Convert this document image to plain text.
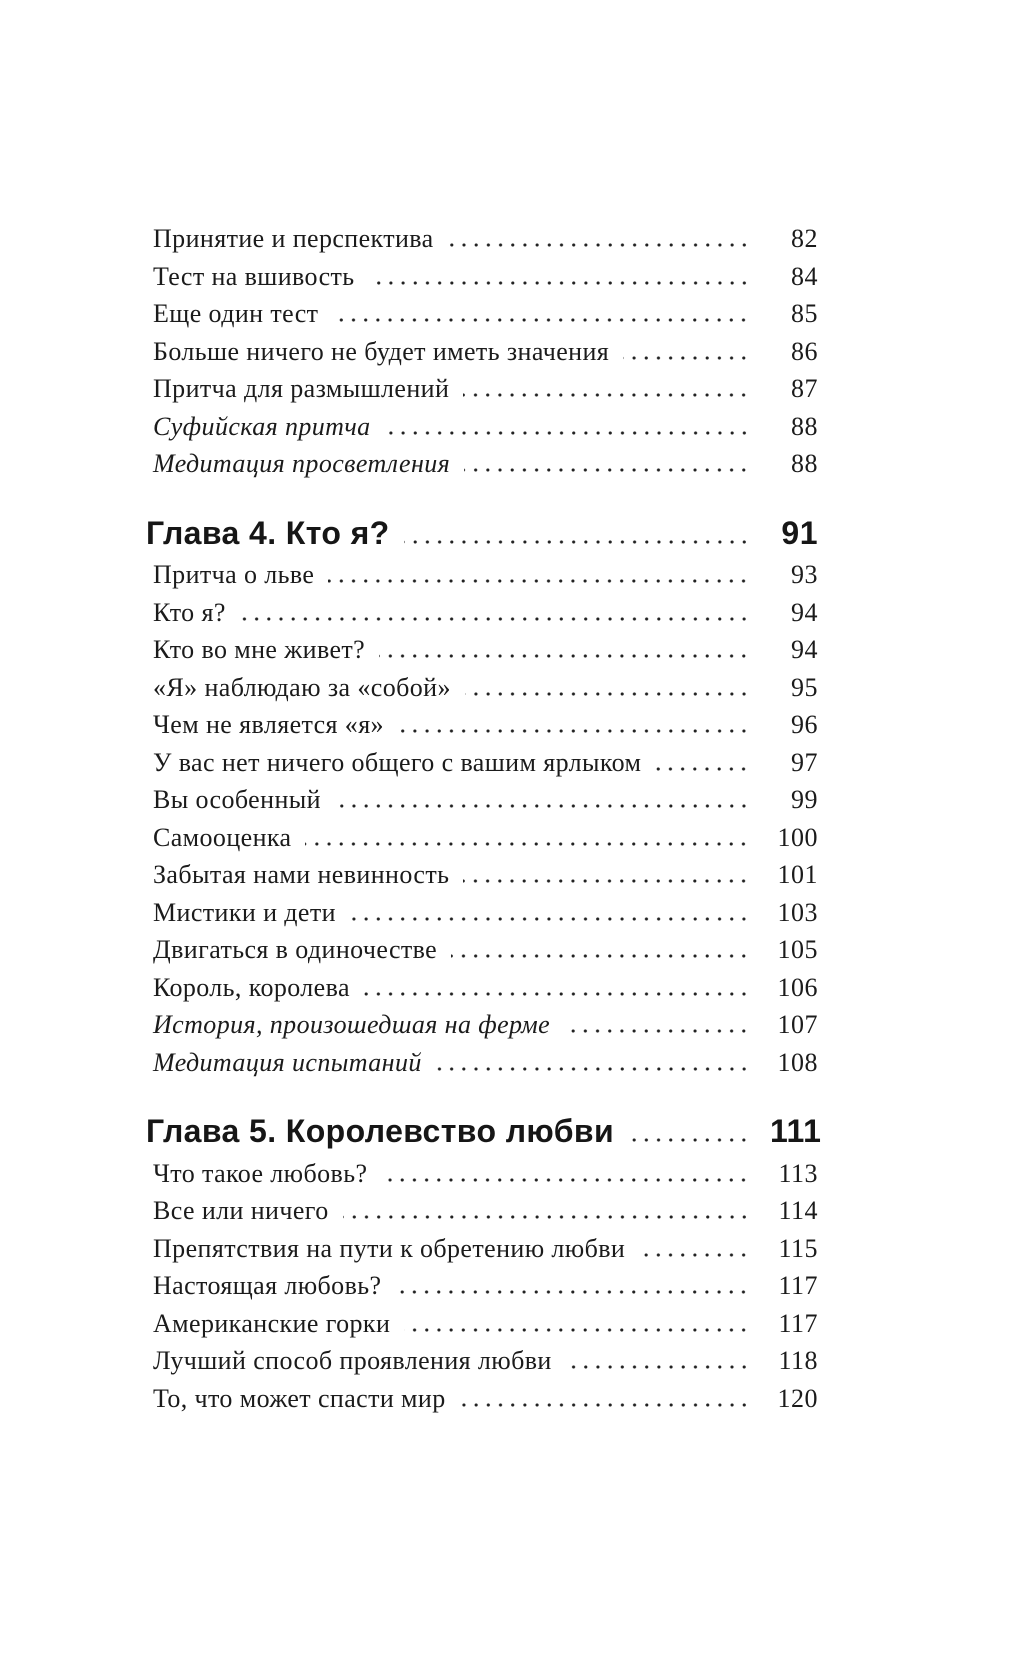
Принятие и перспектива	82
Тест на вшивость	84
Еще один тест	85
Больше ничего не будет иметь значения	86
Притча для размышлений	87
Суфийская притча	88
Медитация просветления	88
Глава 4. Кто я?	91
Притча о льве	93
Кто я?	94
Кто во мне живет?	94
«Я» наблюдаю за «собой»	95
Чем не является «я»	96
У вас нет ничего общего с вашим ярлыком	97
Вы особенный	99
Самооценка	100
Забытая нами невинность	101
Мистики и дети	103
Двигаться в одиночестве	105
Король, королева	106
История, произошедшая на ферме	107
Медитация испытаний	108
Глава 5. Королевство любви	111
Что такое любовь?	113
Все или ничего	114
Препятствия на пути к обретению любви	115
Настоящая любовь?	117
Американские горки	117
Лучший способ проявления любви	118
То, что может спасти мир	120
